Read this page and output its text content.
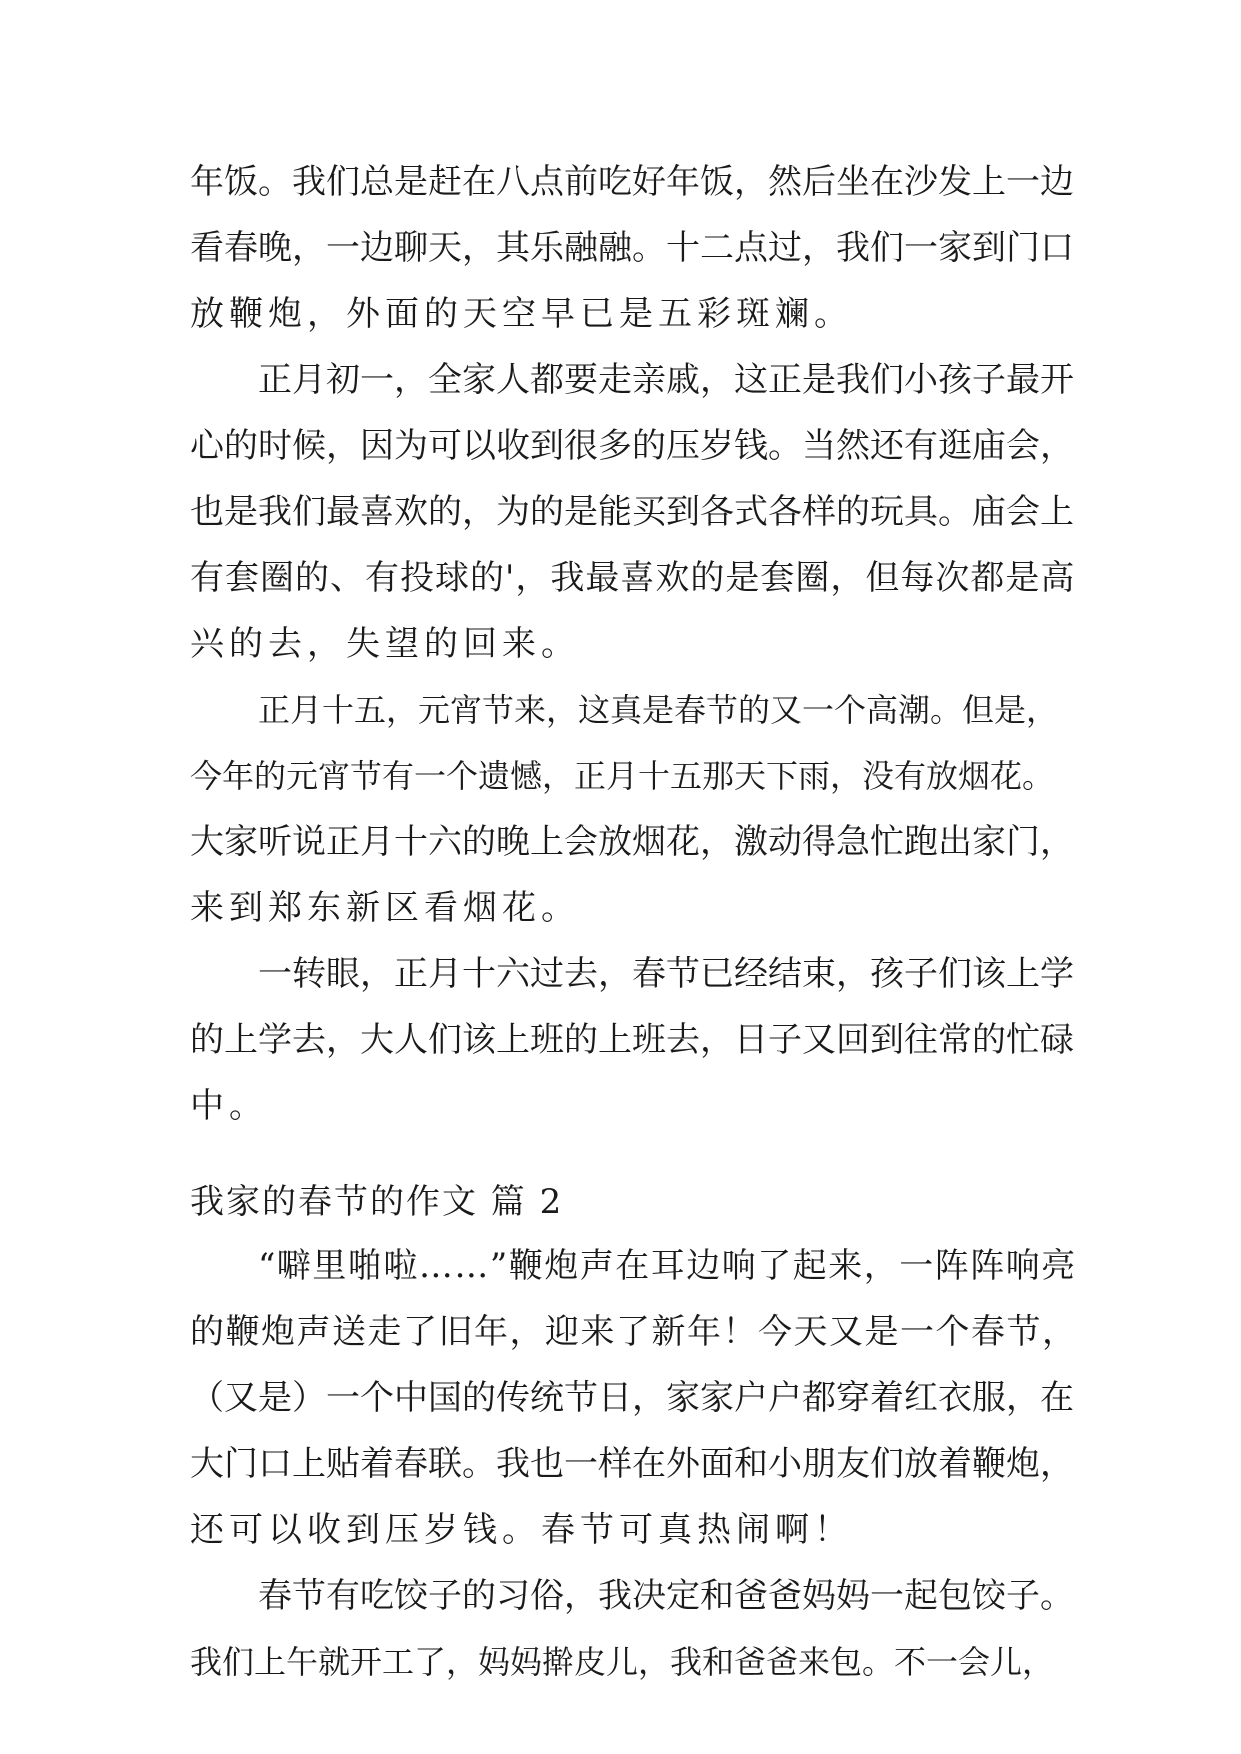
年饭。我们总是赶在八点前吃好年饭，然后坐在沙发上一边
看春晚，一边聊天，其乐融融。十二点过，我们一家到门口
放鞭炮，外面的天空早已是五彩斑斓。
正月初一，全家人都要走亲戚，这正是我们小孩子最开
心的时候，因为可以收到很多的压岁钱。当然还有逛庙会，
也是我们最喜欢的，为的是能买到各式各样的玩具。庙会上
有套圈的、有投球的'，我最喜欢的是套圈，但每次都是高
兴的去，失望的回来。
正月十五，元宵节来，这真是春节的又一个高潮。但是，
今年的元宵节有一个遗憾，正月十五那天下雨，没有放烟花。
大家听说正月十六的晚上会放烟花，激动得急忙跑出家门，
来到郑东新区看烟花。
一转眼，正月十六过去，春节已经结束，孩子们该上学
的上学去，大人们该上班的上班去，日子又回到往常的忙碌
中。
我家的春节的作文 篇 2
“噼里啪啦……”鞭炮声在耳边响了起来，一阵阵响亮
的鞭炮声送走了旧年，迎来了新年！今天又是一个春节，
（又是）一个中国的传统节日，家家户户都穿着红衣服，在
大门口上贴着春联。我也一样在外面和小朋友们放着鞭炮，
还可以收到压岁钱。春节可真热闹啊！
春节有吃饺子的习俗，我决定和爸爸妈妈一起包饺子。
我们上午就开工了，妈妈擀皮儿，我和爸爸来包。不一会儿，
